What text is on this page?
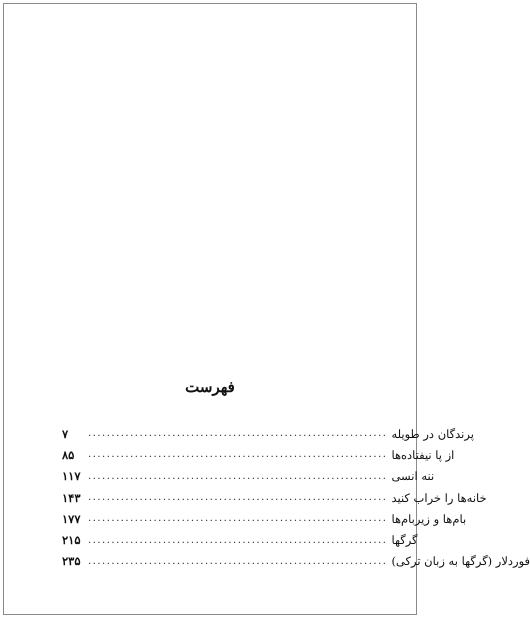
فهرست
۷	................................................................ پرندگان در طویله
۸۵	................................................................ از پا نیفتاده‌ها
۱۱۷ ................................................................ ننه انسی
۱۴۳ ................................................................ خانه‌ها را خراب کنید
۱۷۷ ................................................................ بام‌ها و زیربام‌ها
۲۱۵ ................................................................ گرگها
۲۳۵ ................................................................ فوردلار (گرگها به زبان ترکی)
